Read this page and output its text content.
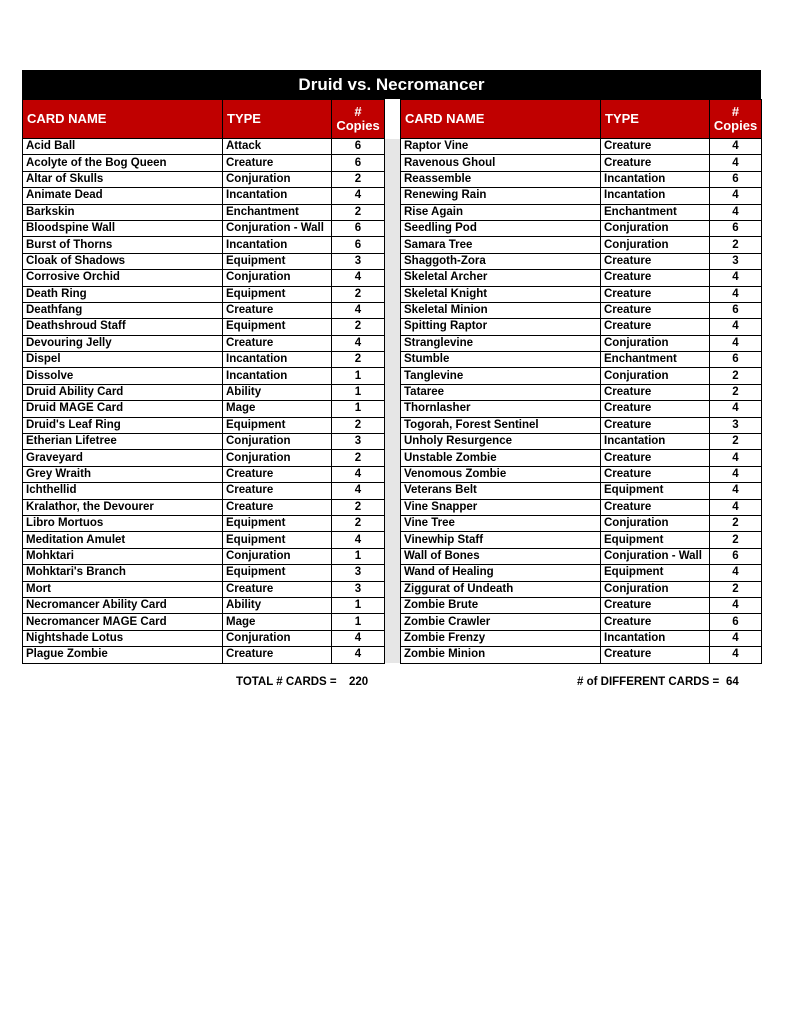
Druid vs. Necromancer
CARD NAME	TYPE	#
Copies		CARD NAME	TYPE	#
Copies
Acid Ball	Attack	6		Raptor Vine	Creature	4
Acolyte of the Bog Queen	Creature	6		Ravenous Ghoul	Creature	4
Altar of Skulls	Conjuration	2		Reassemble	Incantation	6
Animate Dead	Incantation	4		Renewing Rain	Incantation	4
Barkskin	Enchantment	2		Rise Again	Enchantment	4
Bloodspine Wall	Conjuration - Wall	6		Seedling Pod	Conjuration	6
Burst of Thorns	Incantation	6		Samara Tree	Conjuration	2
Cloak of Shadows	Equipment	3		Shaggoth-Zora	Creature	3
Corrosive Orchid	Conjuration	4		Skeletal Archer	Creature	4
Death Ring	Equipment	2		Skeletal Knight	Creature	4
Deathfang	Creature	4		Skeletal Minion	Creature	6
Deathshroud Staff	Equipment	2		Spitting Raptor	Creature	4
Devouring Jelly	Creature	4		Stranglevine	Conjuration	4
Dispel	Incantation	2		Stumble	Enchantment	6
Dissolve	Incantation	1		Tanglevine	Conjuration	2
Druid Ability Card	Ability	1		Tataree	Creature	2
Druid MAGE Card	Mage	1		Thornlasher	Creature	4
Druid's Leaf Ring	Equipment	2		Togorah, Forest Sentinel	Creature	3
Etherian Lifetree	Conjuration	3		Unholy Resurgence	Incantation	2
Graveyard	Conjuration	2		Unstable Zombie	Creature	4
Grey Wraith	Creature	4		Venomous Zombie	Creature	4
Ichthellid	Creature	4		Veterans Belt	Equipment	4
Kralathor, the Devourer	Creature	2		Vine Snapper	Creature	4
Libro Mortuos	Equipment	2		Vine Tree	Conjuration	2
Meditation Amulet	Equipment	4		Vinewhip Staff	Equipment	2
Mohktari	Conjuration	1		Wall of Bones	Conjuration - Wall	6
Mohktari's Branch	Equipment	3		Wand of Healing	Equipment	4
Mort	Creature	3		Ziggurat of Undeath	Conjuration	2
Necromancer Ability Card	Ability	1		Zombie Brute	Creature	4
Necromancer MAGE Card	Mage	1		Zombie Crawler	Creature	6
Nightshade Lotus	Conjuration	4		Zombie Frenzy	Incantation	4
Plague Zombie	Creature	4		Zombie Minion	Creature	4
TOTAL # CARDS = 220	# of DIFFERENT CARDS = 64
